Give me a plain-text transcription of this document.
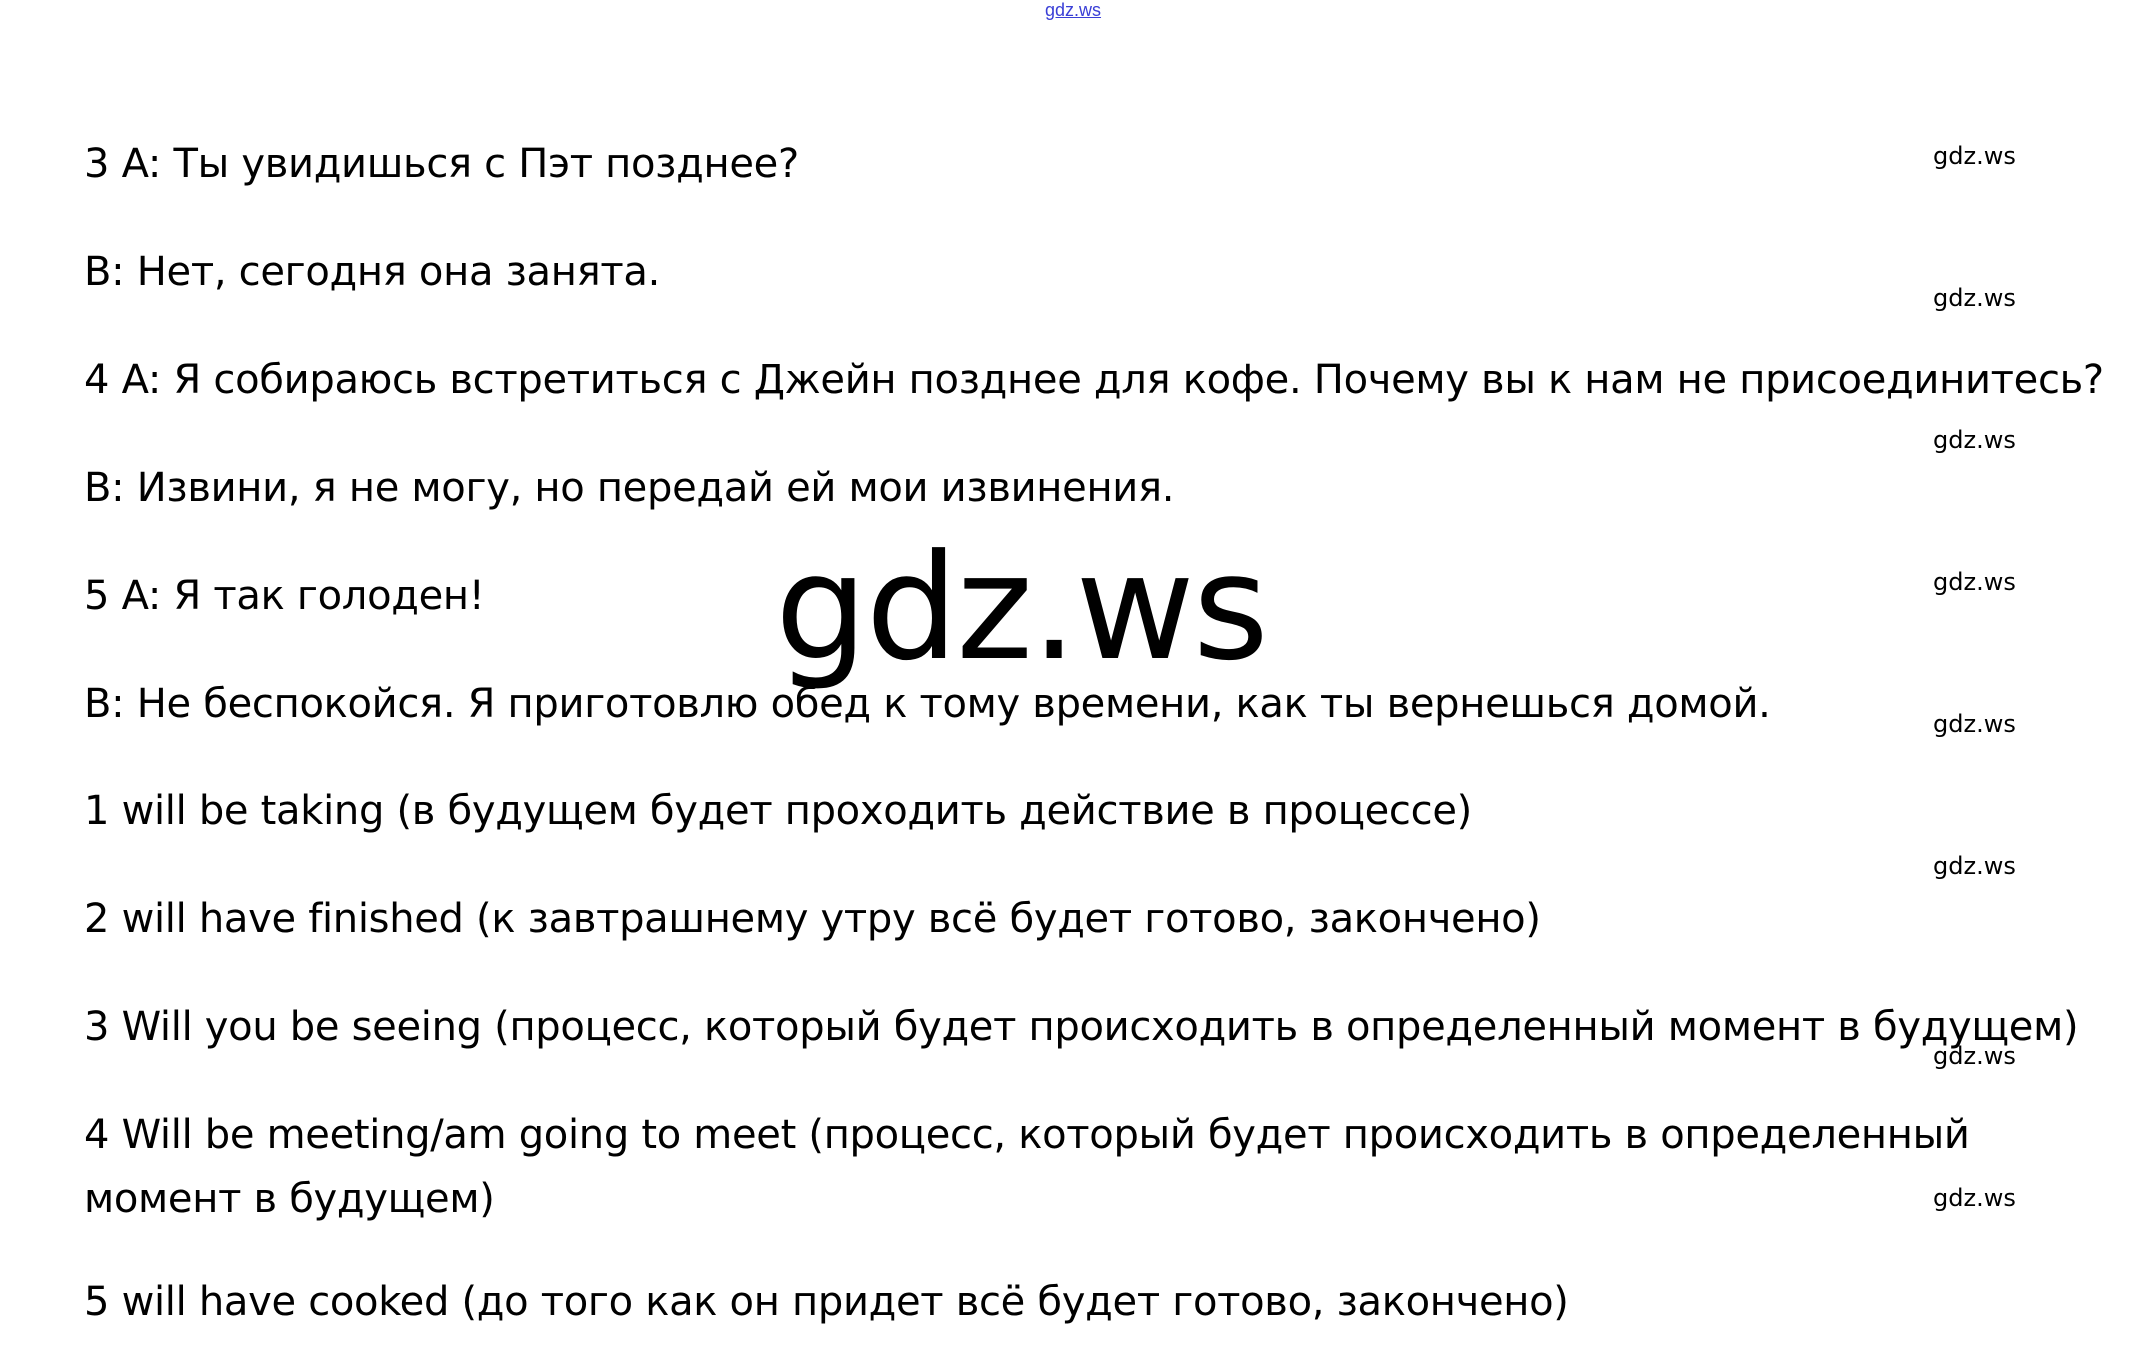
gdz.ws
3 A: Ты увидишься с Пэт позднее?
B: Нет, сегодня она занята.
4 A: Я собираюсь встретиться с Джейн позднее для кофе. Почему вы к нам не присоединитесь?
B: Извини, я не могу, но передай ей мои извинения.
5 A: Я так голоден!
B: Не беспокойся. Я приготовлю обед к тому времени, как ты вернешься домой.
1 will be taking (в будущем будет проходить действие в процессе)
2 will have finished (к завтрашнему утру всё будет готово, закончено)
3 Will you be seeing (процесс, который будет происходить в определенный момент в будущем)
4 Will be meeting/am going to meet (процесс, который будет происходить в определенный момент в будущем)
5 will have cooked (до того как он придет всё будет готово, закончено)
gdz.ws
gdz.ws
gdz.ws
gdz.ws
gdz.ws
gdz.ws
gdz.ws
gdz.ws
gdz.ws
